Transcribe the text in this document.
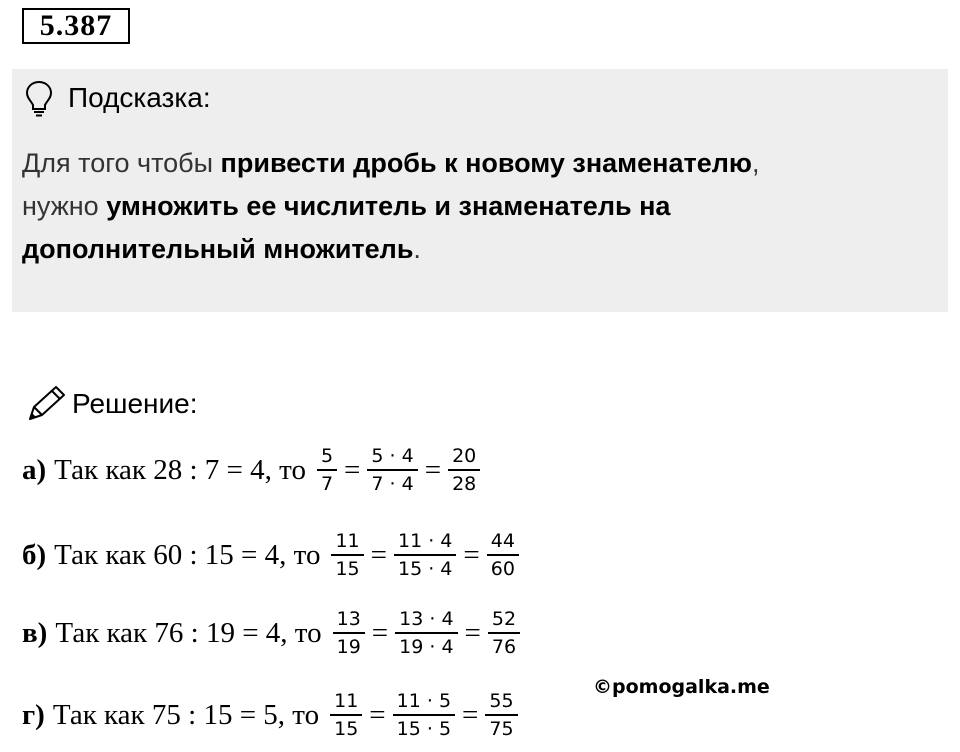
5.387
Подсказка:
Для того чтобы привести дробь к новому знаменателю,
нужно умножить ее числитель и знаменатель на
дополнительный множитель.
Решение:
а) Так как 28 : 7 = 4, то $\frac{5}{7} = \frac{5 \cdot 4}{7 \cdot 4} = \frac{20}{28}$
б) Так как 60 : 15 = 4, то $\frac{11}{15} = \frac{11 \cdot 4}{15 \cdot 4} = \frac{44}{60}$
в) Так как 76 : 19 = 4, то $\frac{13}{19} = \frac{13 \cdot 4}{19 \cdot 4} = \frac{52}{76}$
г) Так как 75 : 15 = 5, то $\frac{11}{15} = \frac{11 \cdot 5}{15 \cdot 5} = \frac{55}{75}$
©pomogalka.me
